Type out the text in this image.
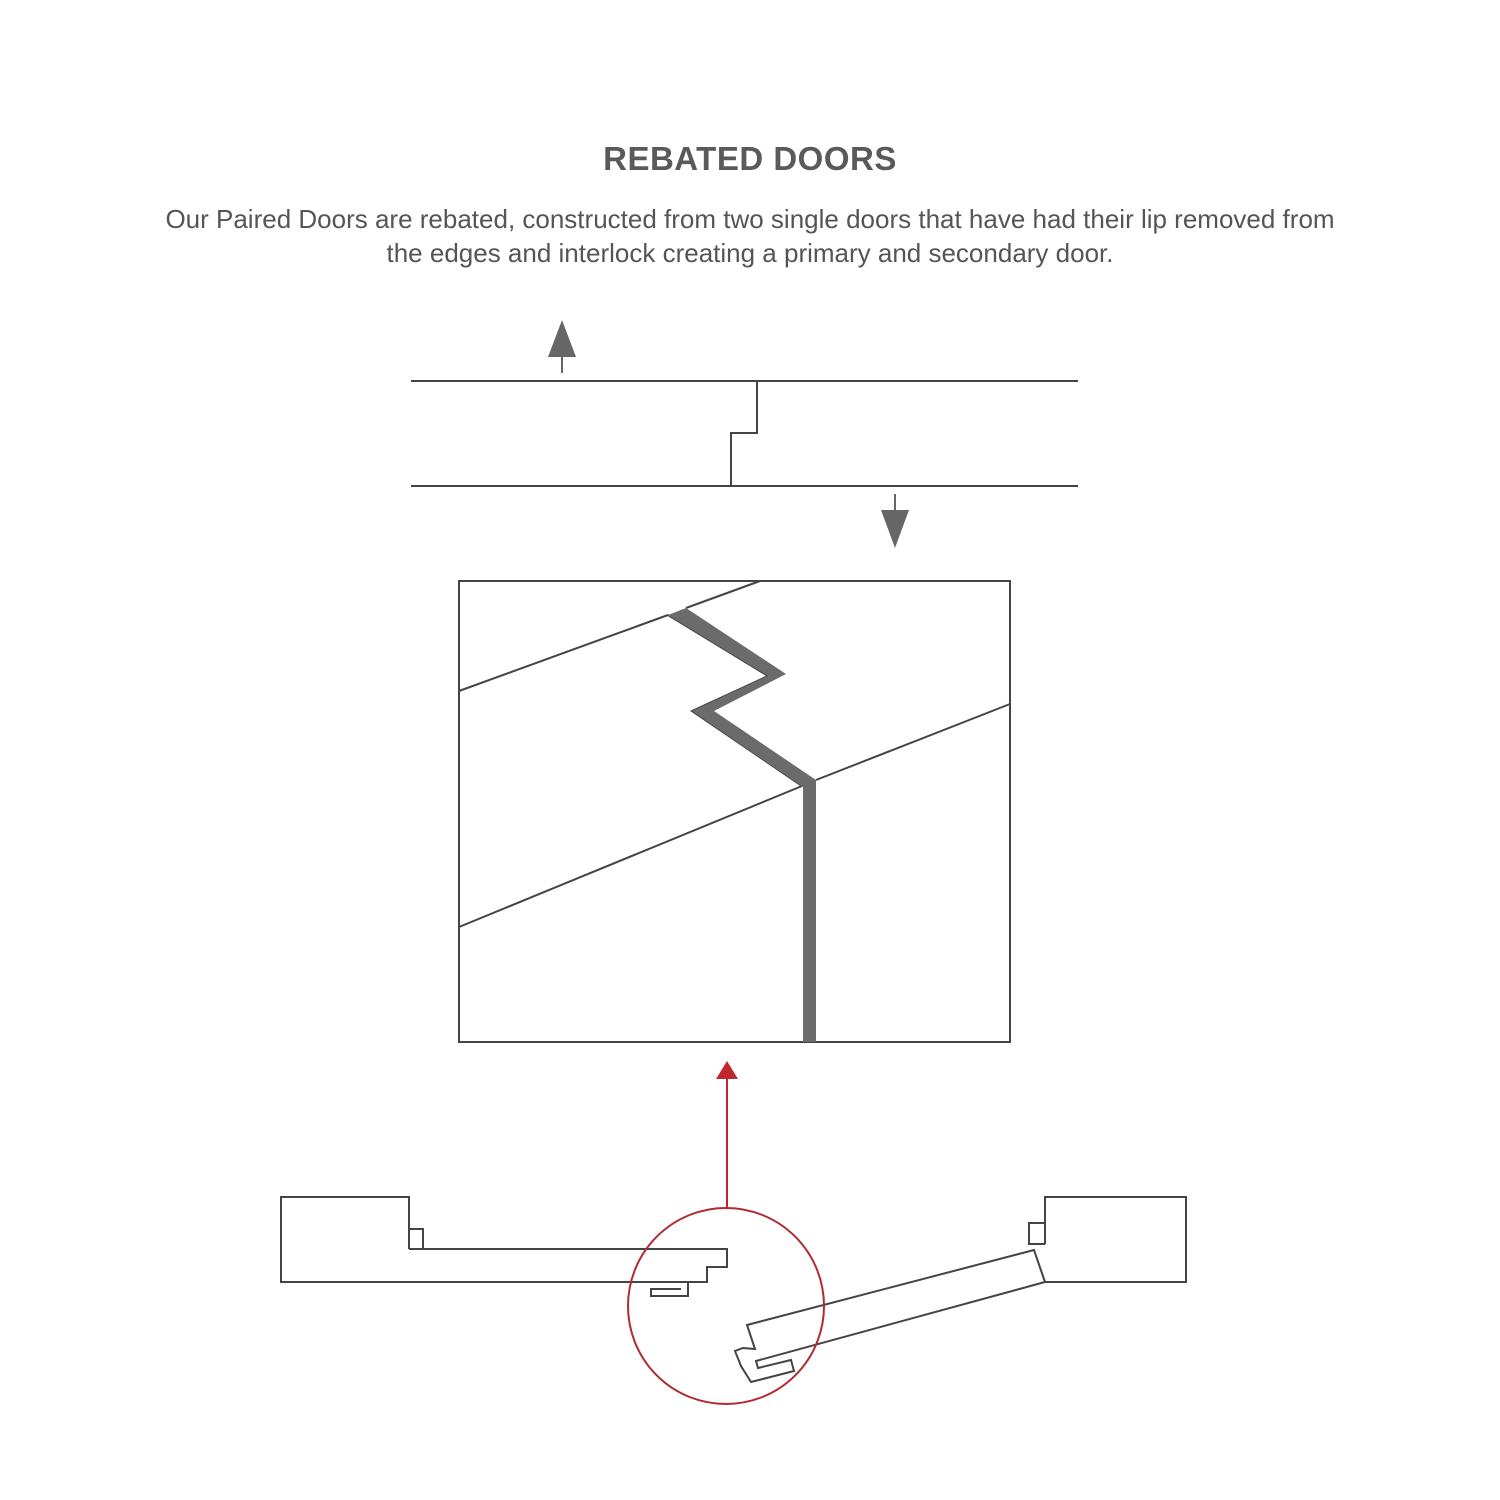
REBATED DOORS

Our Paired Doors are rebated, constructed from two single doors that have had their lip removed from the edges and interlock creating a primary and secondary door.
